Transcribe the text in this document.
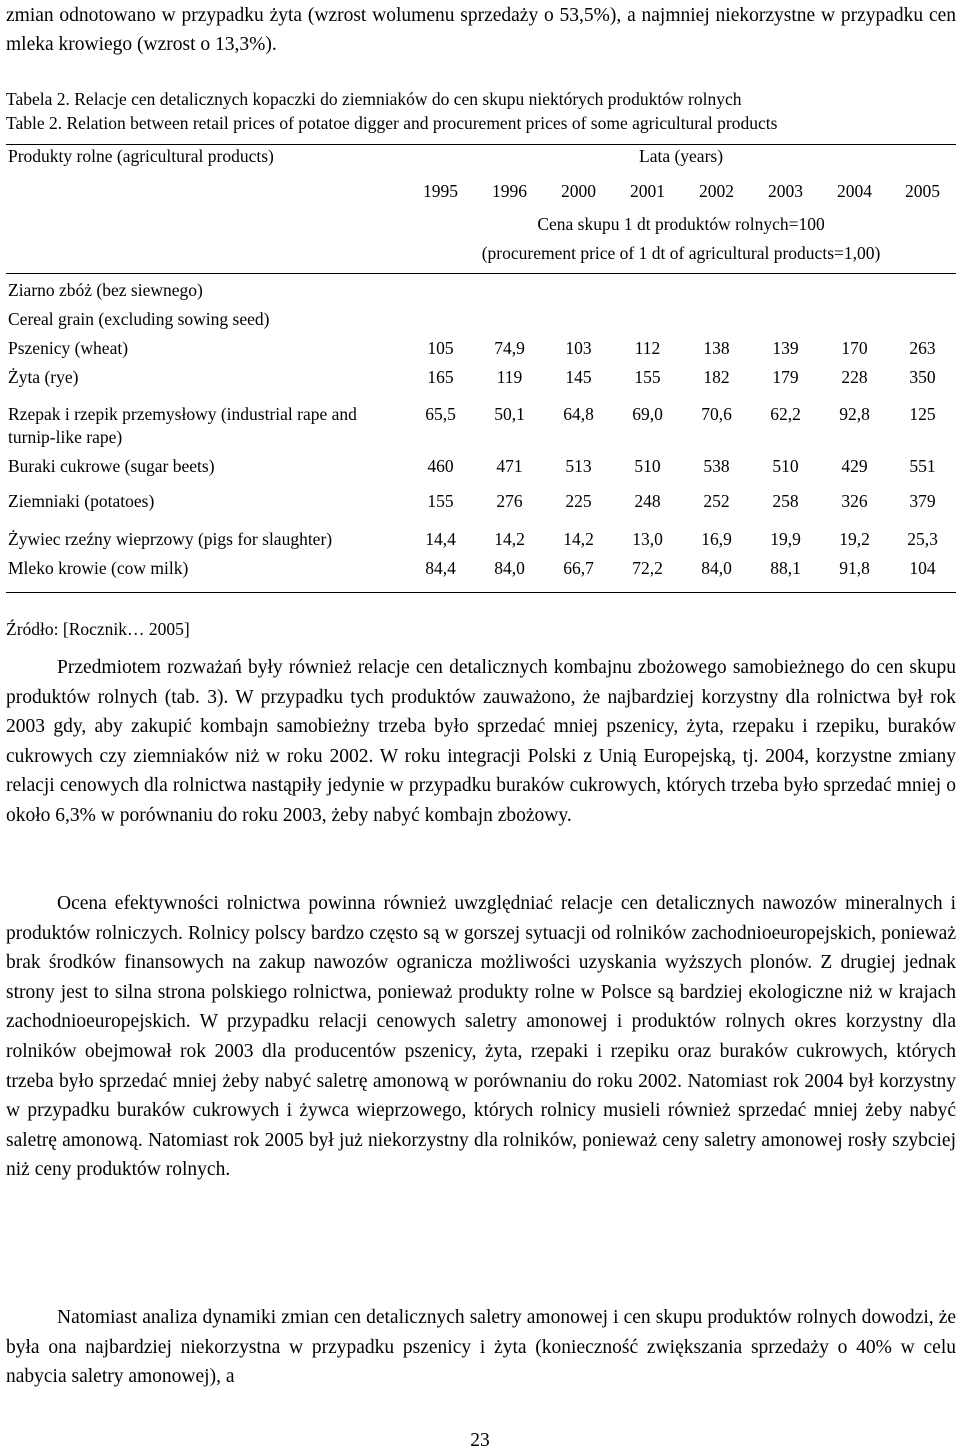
zmian odnotowano w przypadku żyta (wzrost wolumenu sprzedaży o 53,5%), a najmniej niekorzystne w przypadku cen mleka krowiego (wzrost o 13,3%).

Tabela 2. Relacje cen detalicznych kopaczki do ziemniaków do cen skupu niektórych produktów rolnych

Table 2. Relation between retail prices of potatoe digger and procurement prices of some agricultural products

Produkty rolne (agricultural products)	Lata (years)							
	1995	1996	2000	2001	2002	2003	2004	2005

	Cena skupu 1 dt produktów rolnych=100
(procurement price of 1 dt of agricultural products=1,00)							

Ziarno zbóż (bez siewnego)								
Cereal grain (excluding sowing seed)								
Pszenicy (wheat)	105	74,9	103	112	138	139	170	263
Żyta (rye)	165	119	145	155	182	179	228	350
Rzepak i rzepik przemysłowy (industrial rape and turnip-like rape)	65,5	50,1	64,8	69,0	70,6	62,2	92,8	125
Buraki cukrowe (sugar beets)	460	471	513	510	538	510	429	551
Ziemniaki (potatoes)	155	276	225	248	252	258	326	379
Żywiec rzeźny wieprzowy (pigs for slaughter)	14,4	14,2	14,2	13,0	16,9	19,9	19,2	25,3
Mleko krowie (cow milk)	84,4	84,0	66,7	72,2	84,0	88,1	91,8	104

Źródło: [Rocznik… 2005]

Przedmiotem rozważań były również relacje cen detalicznych kombajnu zbożowego samobieżnego do cen skupu produktów rolnych (tab. 3). W przypadku tych produktów zauważono, że najbardziej korzystny dla rolnictwa był rok 2003 gdy, aby zakupić kombajn samobieżny trzeba było sprzedać mniej pszenicy, żyta, rzepaku i rzepiku, buraków cukrowych czy ziemniaków niż w roku 2002. W roku integracji Polski z Unią Europejską, tj. 2004, korzystne zmiany relacji cenowych dla rolnictwa nastąpiły jedynie w przypadku buraków cukrowych, których trzeba było sprzedać mniej o około 6,3% w porównaniu do roku 2003, żeby nabyć kombajn zbożowy.

Ocena efektywności rolnictwa powinna również uwzględniać relacje cen detalicznych nawozów mineralnych i produktów rolniczych. Rolnicy polscy bardzo często są w gorszej sytuacji od rolników zachodnioeuropejskich, ponieważ brak środków finansowych na zakup nawozów ogranicza możliwości uzyskania wyższych plonów. Z drugiej jednak strony jest to silna strona polskiego rolnictwa, ponieważ produkty rolne w Polsce są bardziej ekologiczne niż w krajach zachodnioeuropejskich. W przypadku relacji cenowych saletry amonowej i produktów rolnych okres korzystny dla rolników obejmował rok 2003 dla producentów pszenicy, żyta, rzepaki i rzepiku oraz buraków cukrowych, których trzeba było sprzedać mniej żeby nabyć saletrę amonową w porównaniu do roku 2002. Natomiast rok 2004 był korzystny w przypadku buraków cukrowych i żywca wieprzowego, których rolnicy musieli również sprzedać mniej żeby nabyć saletrę amonową. Natomiast rok 2005 był już niekorzystny dla rolników, ponieważ ceny saletry amonowej rosły szybciej niż ceny produktów rolnych.

Natomiast analiza dynamiki zmian cen detalicznych saletry amonowej i cen skupu produktów rolnych dowodzi, że była ona najbardziej niekorzystna w przypadku pszenicy i żyta (konieczność zwiększania sprzedaży o 40% w celu nabycia saletry amonowej), a

23
